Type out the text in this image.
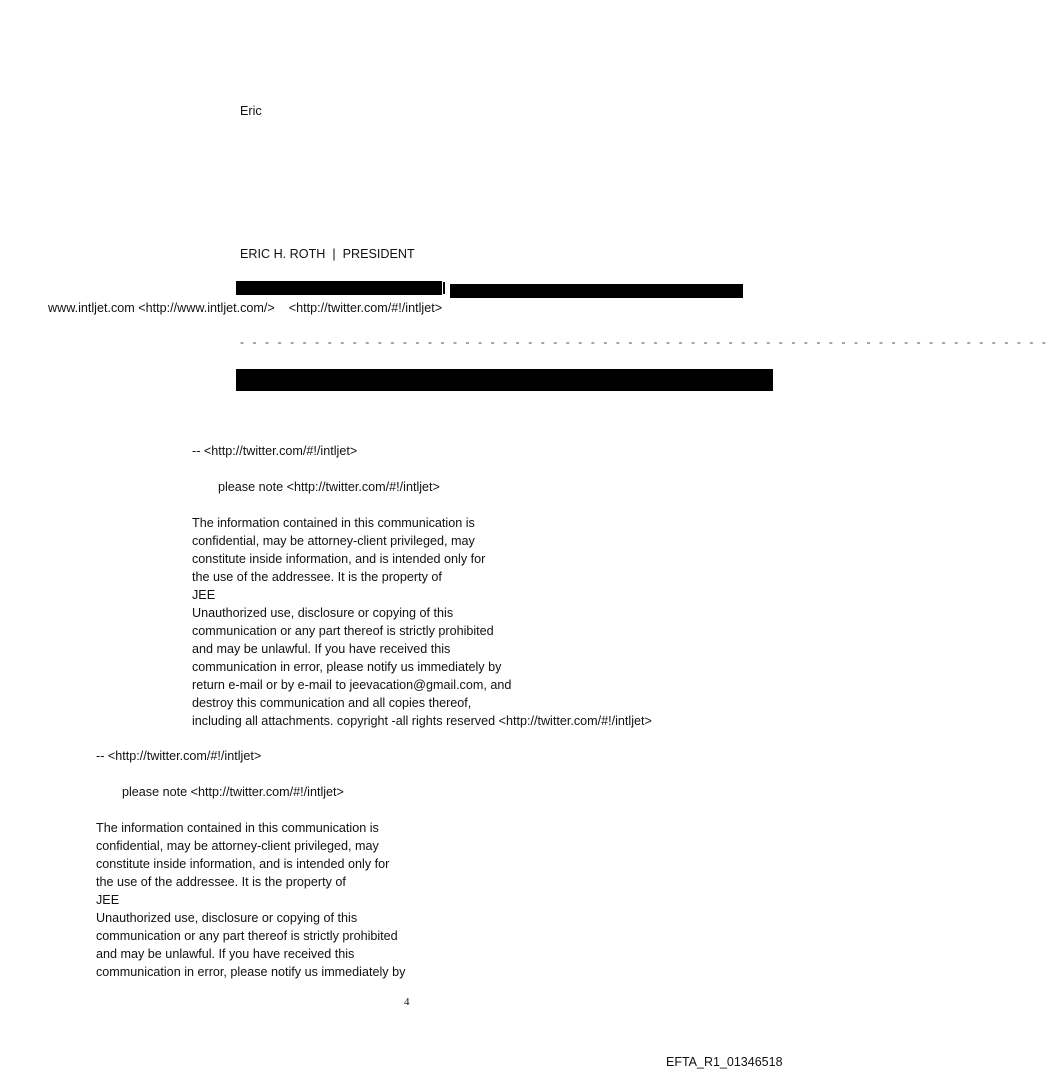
Eric
ERIC H. ROTH  |  PRESIDENT
www.intljet.com <http://www.intljet.com/>    <http://twitter.com/#!/intljet>
- - - - - - - - - - - - - - - - - - - - - - - - - - - - - - - - - - - - - - - - - - - - - - - - - - - - - - - - - - - - - - - - -
-- <http://twitter.com/#!/intljet>
please note <http://twitter.com/#!/intljet>
The information contained in this communication is
confidential, may be attorney-client privileged, may
constitute inside information, and is intended only for
the use of the addressee. It is the property of
JEE
Unauthorized use, disclosure or copying of this
communication or any part thereof is strictly prohibited
and may be unlawful. If you have received this
communication in error, please notify us immediately by
return e-mail or by e-mail to jeevacation@gmail.com, and
destroy this communication and all copies thereof,
including all attachments. copyright -all rights reserved <http://twitter.com/#!/intljet>
-- <http://twitter.com/#!/intljet>
please note <http://twitter.com/#!/intljet>
The information contained in this communication is
confidential, may be attorney-client privileged, may
constitute inside information, and is intended only for
the use of the addressee. It is the property of
JEE
Unauthorized use, disclosure or copying of this
communication or any part thereof is strictly prohibited
and may be unlawful. If you have received this
communication in error, please notify us immediately by
4
EFTA_R1_01346518
